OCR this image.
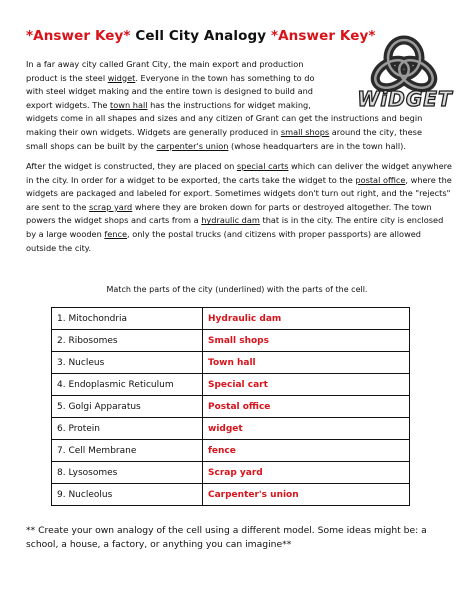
*Answer Key* Cell City Analogy *Answer Key*
WiDGET

In a far away city called Grant City, the main export and production
product is the steel widget. Everyone in the town has something to do
with steel widget making and the entire town is designed to build and
export widgets. The town hall has the instructions for widget making,
widgets come in all shapes and sizes and any citizen of Grant can get the instructions and begin making their own widgets. Widgets are generally produced in small shops around the city, these small shops can be built by the carpenter's union (whose headquarters are in the town hall).

After the widget is constructed, they are placed on special carts which can deliver the widget anywhere in the city. In order for a widget to be exported, the carts take the widget to the postal office, where the widgets are packaged and labeled for export. Sometimes widgets don't turn out right, and the "rejects" are sent to the scrap yard where they are broken down for parts or destroyed altogether. The town powers the widget shops and carts from a hydraulic dam that is in the city. The entire city is enclosed by a large wooden fence, only the postal trucks (and citizens with proper passports) are allowed outside the city.

Match the parts of the city (underlined) with the parts of the cell.

1. Mitochondria	Hydraulic dam
2. Ribosomes	Small shops
3. Nucleus	Town hall
4. Endoplasmic Reticulum	Special cart
5. Golgi Apparatus	Postal office
6. Protein	widget
7. Cell Membrane	fence
8. Lysosomes	Scrap yard
9. Nucleolus	Carpenter's union

** Create your own analogy of the cell using a different model. Some ideas might be: a school, a house, a factory, or anything you can imagine**
